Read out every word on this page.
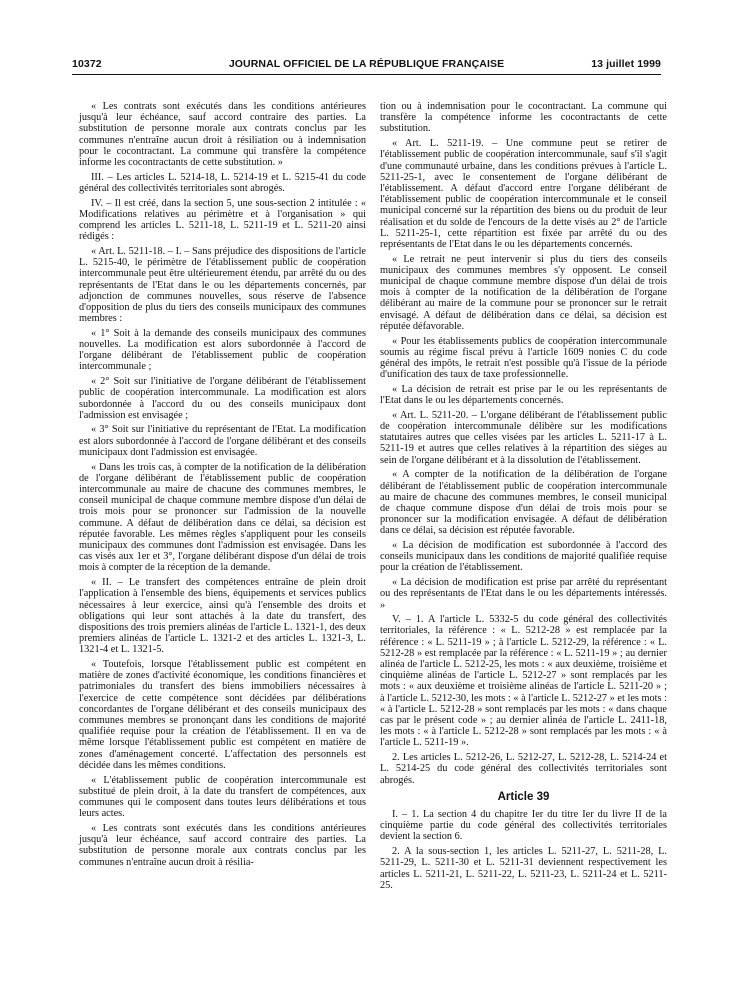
10372	JOURNAL OFFICIEL DE LA RÉPUBLIQUE FRANÇAISE	13 juillet 1999

« Les contrats sont exécutés dans les conditions antérieures jusqu'à leur échéance, sauf accord contraire des parties. La substitution de personne morale aux contrats conclus par les communes n'entraîne aucun droit à résiliation ou à indemnisation pour le cocontractant. La commune qui transfère la compétence informe les cocontractants de cette substitution. »

III. – Les articles L. 5214-18, L. 5214-19 et L. 5215-41 du code général des collectivités territoriales sont abrogés.

IV. – Il est créé, dans la section 5, une sous-section 2 intitulée : « Modifications relatives au périmètre et à l'organisation » qui comprend les articles L. 5211-18, L. 5211-19 et L. 5211-20 ainsi rédigés :

« Art. L. 5211-18. – I. – Sans préjudice des dispositions de l'article L. 5215-40, le périmètre de l'établissement public de coopération intercommunale peut être ultérieurement étendu, par arrêté du ou des représentants de l'Etat dans le ou les départements concernés, par adjonction de communes nouvelles, sous réserve de l'absence d'opposition de plus du tiers des conseils municipaux des communes membres :

« 1° Soit à la demande des conseils municipaux des communes nouvelles. La modification est alors subordonnée à l'accord de l'organe délibérant de l'établissement public de coopération intercommunale ;

« 2° Soit sur l'initiative de l'organe délibérant de l'établissement public de coopération intercommunale. La modification est alors subordonnée à l'accord du ou des conseils municipaux dont l'admission est envisagée ;

« 3° Soit sur l'initiative du représentant de l'Etat. La modification est alors subordonnée à l'accord de l'organe délibérant et des conseils municipaux dont l'admission est envisagée.

« Dans les trois cas, à compter de la notification de la délibération de l'organe délibérant de l'établissement public de coopération intercommunale au maire de chacune des communes membres, le conseil municipal de chaque commune membre dispose d'un délai de trois mois pour se prononcer sur l'admission de la nouvelle commune. A défaut de délibération dans ce délai, sa décision est réputée favorable. Les mêmes règles s'appliquent pour les conseils municipaux des communes dont l'admission est envisagée. Dans les cas visés aux 1er et 3°, l'organe délibérant dispose d'un délai de trois mois à compter de la réception de la demande.

« II. – Le transfert des compétences entraîne de plein droit l'application à l'ensemble des biens, équipements et services publics nécessaires à leur exercice, ainsi qu'à l'ensemble des droits et obligations qui leur sont attachés à la date du transfert, des dispositions des trois premiers alinéas de l'article L. 1321-1, des deux premiers alinéas de l'article L. 1321-2 et des articles L. 1321-3, L. 1321-4 et L. 1321-5.

« Toutefois, lorsque l'établissement public est compétent en matière de zones d'activité économique, les conditions financières et patrimoniales du transfert des biens immobiliers nécessaires à l'exercice de cette compétence sont décidées par délibérations concordantes de l'organe délibérant et des conseils municipaux des communes membres se prononçant dans les conditions de majorité qualifiée requise pour la création de l'établissement. Il en va de même lorsque l'établissement public est compétent en matière de zones d'aménagement concerté. L'affectation des personnels est décidée dans les mêmes conditions.

« L'établissement public de coopération intercommunale est substitué de plein droit, à la date du transfert de compétences, aux communes qui le composent dans toutes leurs délibérations et tous leurs actes.

« Les contrats sont exécutés dans les conditions antérieures jusqu'à leur échéance, sauf accord contraire des parties. La substitution de personne morale aux contrats conclus par les communes n'entraîne aucun droit à résilia-

tion ou à indemnisation pour le cocontractant. La commune qui transfère la compétence informe les cocontractants de cette substitution.

« Art. L. 5211-19. – Une commune peut se retirer de l'établissement public de coopération intercommunale, sauf s'il s'agit d'une communauté urbaine, dans les conditions prévues à l'article L. 5211-25-1, avec le consentement de l'organe délibérant de l'établissement. A défaut d'accord entre l'organe délibérant de l'établissement public de coopération intercommunale et le conseil municipal concerné sur la répartition des biens ou du produit de leur réalisation et du solde de l'encours de la dette visés au 2° de l'article L. 5211-25-1, cette répartition est fixée par arrêté du ou des représentants de l'Etat dans le ou les départements concernés.

« Le retrait ne peut intervenir si plus du tiers des conseils municipaux des communes membres s'y opposent. Le conseil municipal de chaque commune membre dispose d'un délai de trois mois à compter de la notification de la délibération de l'organe délibérant au maire de la commune pour se prononcer sur le retrait envisagé. A défaut de délibération dans ce délai, sa décision est réputée défavorable.

« Pour les établissements publics de coopération intercommunale soumis au régime fiscal prévu à l'article 1609 nonies C du code général des impôts, le retrait n'est possible qu'à l'issue de la période d'unification des taux de taxe professionnelle.

« La décision de retrait est prise par le ou les représentants de l'Etat dans le ou les départements concernés.

« Art. L. 5211-20. – L'organe délibérant de l'établissement public de coopération intercommunale délibère sur les modifications statutaires autres que celles visées par les articles L. 5211-17 à L. 5211-19 et autres que celles relatives à la répartition des sièges au sein de l'organe délibérant et à la dissolution de l'établissement.

« A compter de la notification de la délibération de l'organe délibérant de l'établissement public de coopération intercommunale au maire de chacune des communes membres, le conseil municipal de chaque commune dispose d'un délai de trois mois pour se prononcer sur la modification envisagée. A défaut de délibération dans ce délai, sa décision est réputée favorable.

« La décision de modification est subordonnée à l'accord des conseils municipaux dans les conditions de majorité qualifiée requise pour la création de l'établissement.

« La décision de modification est prise par arrêté du représentant ou des représentants de l'Etat dans le ou les départements intéressés. »

V. – 1. A l'article L. 5332-5 du code général des collectivités territoriales, la référence : « L. 5212-28 » est remplacée par la référence : « L. 5211-19 » ; à l'article L. 5212-29, la référence : « L. 5212-28 » est remplacée par la référence : « L. 5211-19 » ; au dernier alinéa de l'article L. 5212-25, les mots : « aux deuxième, troisième et cinquième alinéas de l'article L. 5212-27 » sont remplacés par les mots : « aux deuxième et troisième alinéas de l'article L. 5211-20 » ; à l'article L. 5212-30, les mots : « à l'article L. 5212-27 » et les mots : « à l'article L. 5212-28 » sont remplacés par les mots : « dans chaque cas par le présent code » ; au dernier alinéa de l'article L. 2411-18, les mots : « à l'article L. 5212-28 » sont remplacés par les mots : « à l'article L. 5211-19 ».

2. Les articles L. 5212-26, L. 5212-27, L. 5212-28, L. 5214-24 et L. 5214-25 du code général des collectivités territoriales sont abrogés.

Article 39

I. – 1. La section 4 du chapitre Ier du titre Ier du livre II de la cinquième partie du code général des collectivités territoriales devient la section 6.

2. A la sous-section 1, les articles L. 5211-27, L. 5211-28, L. 5211-29, L. 5211-30 et L. 5211-31 deviennent respectivement les articles L. 5211-21, L. 5211-22, L. 5211-23, L. 5211-24 et L. 5211-25.
